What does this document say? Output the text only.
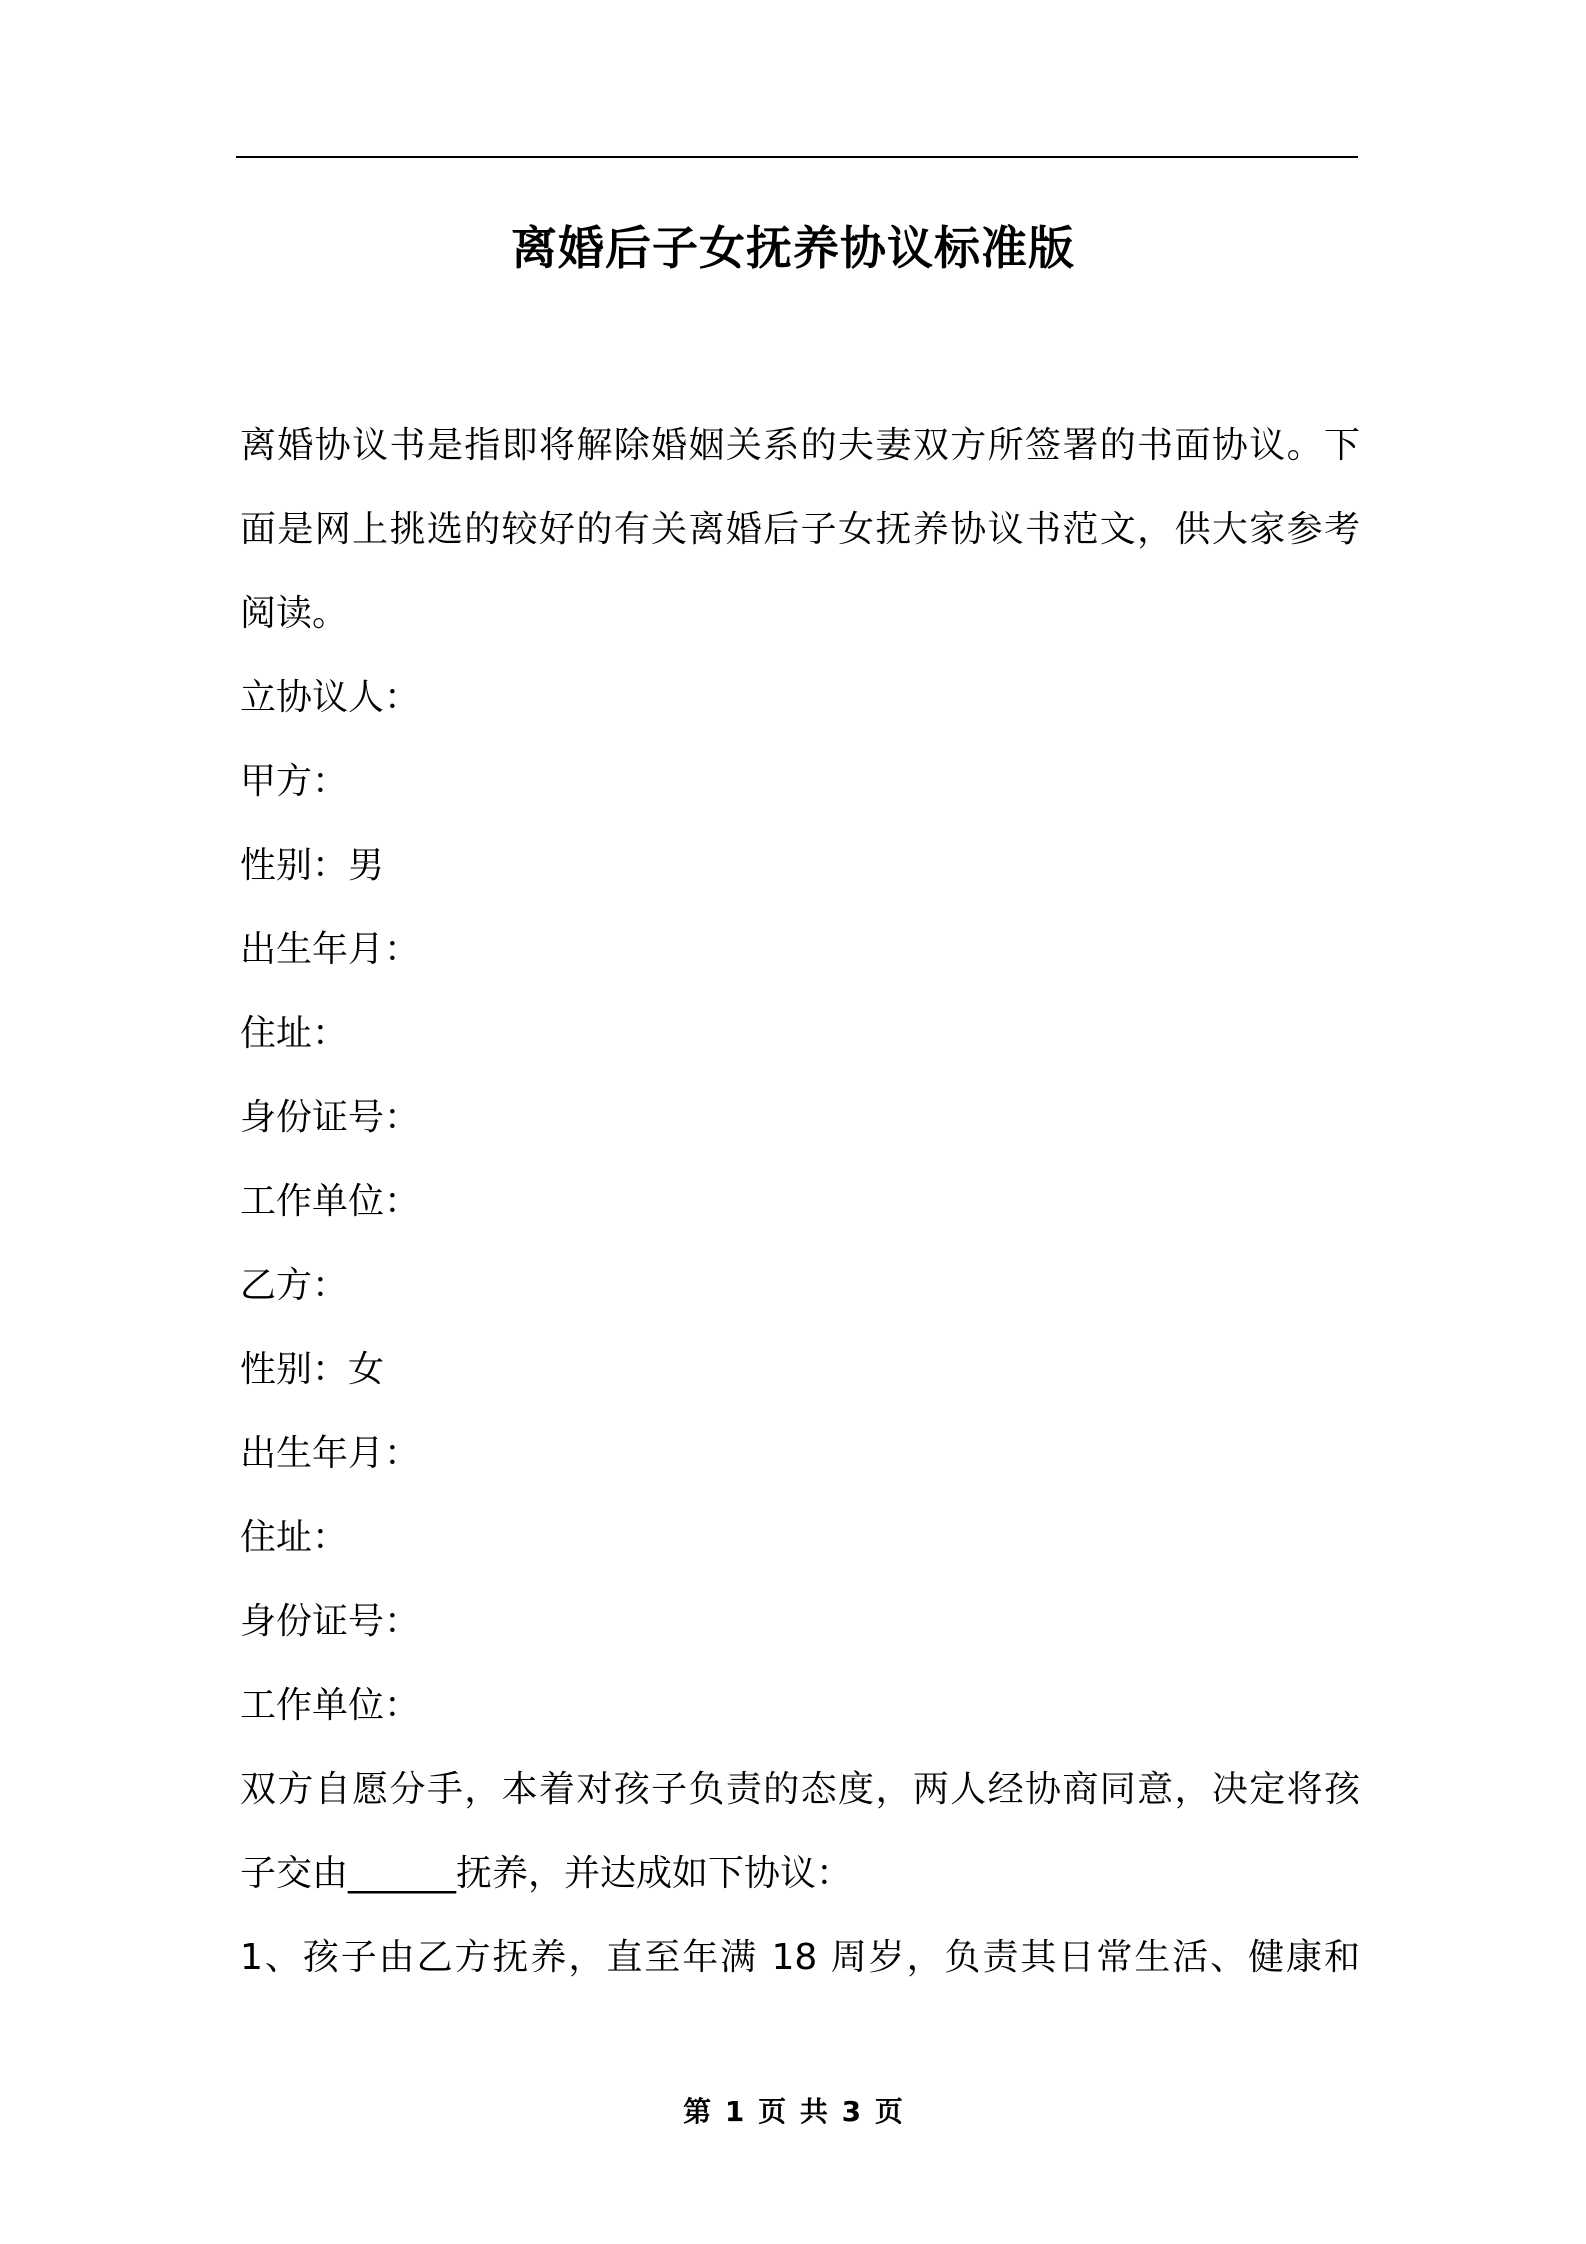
离婚后子女抚养协议标准版
离婚协议书是指即将解除婚姻关系的夫妻双方所签署的书面协议。下
面是网上挑选的较好的有关离婚后子女抚养协议书范文，供大家参考
阅读。
立协议人：
甲方：
性别：男
出生年月：
住址：
身份证号：
工作单位：
乙方：
性别：女
出生年月：
住址：
身份证号：
工作单位：
双方自愿分手，本着对孩子负责的态度，两人经协商同意，决定将孩
子交由______抚养，并达成如下协议：
1、孩子由乙方抚养，直至年满 18 周岁，负责其日常生活、健康和
第 1 页 共 3 页
